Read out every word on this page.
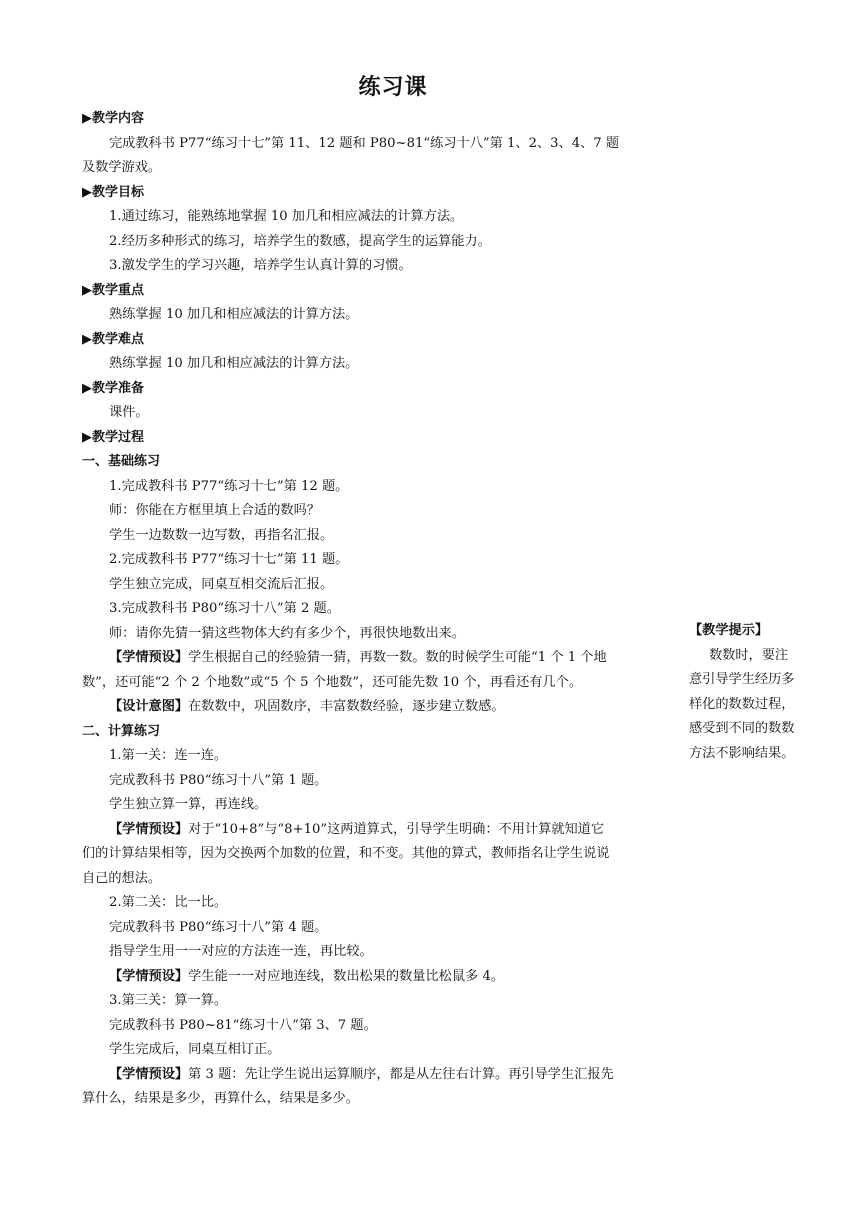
练习课
▶教学内容
完成教科书 P77“练习十七”第 11、12 题和 P80~81“练习十八”第 1、2、3、4、7 题
及数学游戏。
▶教学目标
1.通过练习，能熟练地掌握 10 加几和相应减法的计算方法。
2.经历多种形式的练习，培养学生的数感，提高学生的运算能力。
3.激发学生的学习兴趣，培养学生认真计算的习惯。
▶教学重点
熟练掌握 10 加几和相应减法的计算方法。
▶教学难点
熟练掌握 10 加几和相应减法的计算方法。
▶教学准备
课件。
▶教学过程
一、基础练习
1.完成教科书 P77“练习十七”第 12 题。
师：你能在方框里填上合适的数吗？
学生一边数数一边写数，再指名汇报。
2.完成教科书 P77“练习十七”第 11 题。
学生独立完成，同桌互相交流后汇报。
3.完成教科书 P80“练习十八”第 2 题。
师：请你先猜一猜这些物体大约有多少个，再很快地数出来。
【学情预设】学生根据自己的经验猜一猜，再数一数。数的时候学生可能“1 个 1 个地
数”，还可能“2 个 2 个地数”或“5 个 5 个地数”，还可能先数 10 个，再看还有几个。
【设计意图】在数数中，巩固数序，丰富数数经验，逐步建立数感。
二、计算练习
1.第一关：连一连。
完成教科书 P80“练习十八”第 1 题。
学生独立算一算，再连线。
【学情预设】对于“10+8”与“8+10”这两道算式，引导学生明确：不用计算就知道它
们的计算结果相等，因为交换两个加数的位置，和不变。其他的算式，教师指名让学生说说
自己的想法。
2.第二关：比一比。
完成教科书 P80“练习十八”第 4 题。
指导学生用一一对应的方法连一连，再比较。
【学情预设】学生能一一对应地连线，数出松果的数量比松鼠多 4。
3.第三关：算一算。
完成教科书 P80~81“练习十八”第 3、7 题。
学生完成后，同桌互相订正。
【学情预设】第 3 题：先让学生说出运算顺序，都是从左往右计算。再引导学生汇报先
算什么，结果是多少，再算什么，结果是多少。
【教学提示】
数数时，要注
意引导学生经历多
样化的数数过程，
感受到不同的数数
方法不影响结果。
